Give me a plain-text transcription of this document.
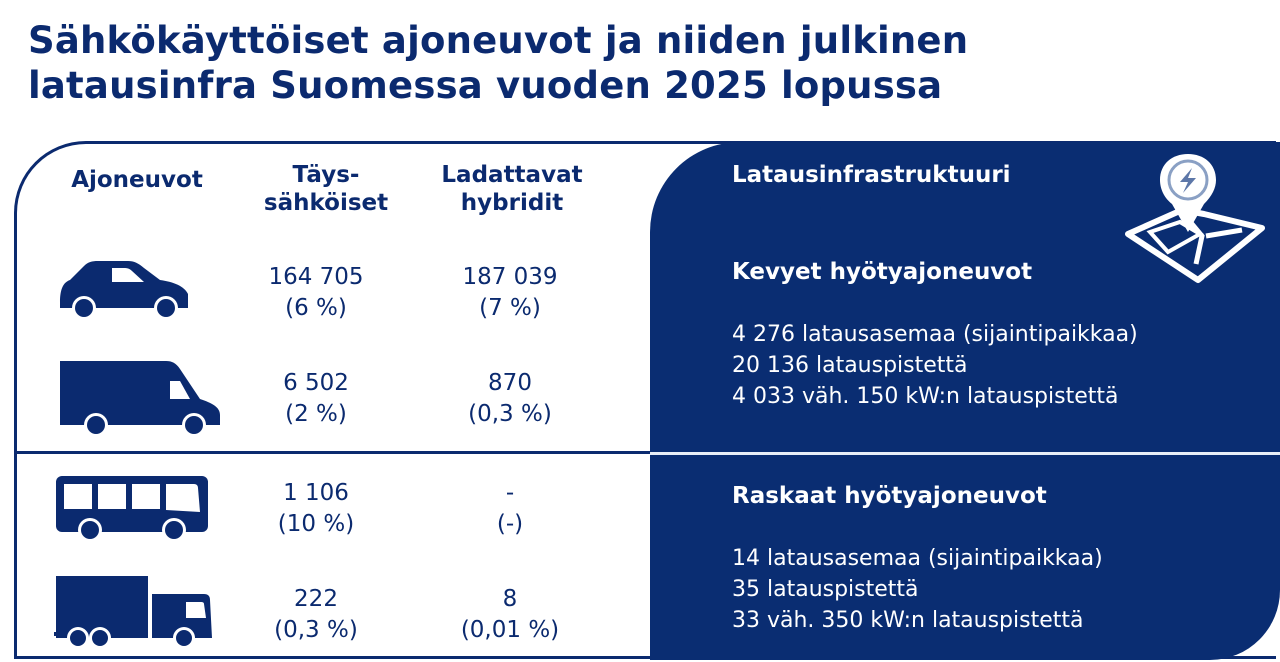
Sähkökäyttöiset ajoneuvot ja niiden julkinen
latausinfra Suomessa vuoden 2025 lopussa
Ajoneuvot	Täys-
sähköiset
Ladattavat
hybridit
164 705
(6 %)
187 039
(7 %)
6 502
(2 %)
870
(0,3 %)
1 106
(10 %)
-
(-)
222
(0,3 %)
8
(0,01 %)
Latausinfrastruktuuri
Kevyet hyötyajoneuvot
4 276 latausasemaa (sijaintipaikkaa)
20 136 latauspistettä
4 033 väh. 150 kW:n latauspistettä
Raskaat hyötyajoneuvot
14 latausasemaa (sijaintipaikkaa)
35 latauspistettä
33 väh. 350 kW:n latauspistettä
